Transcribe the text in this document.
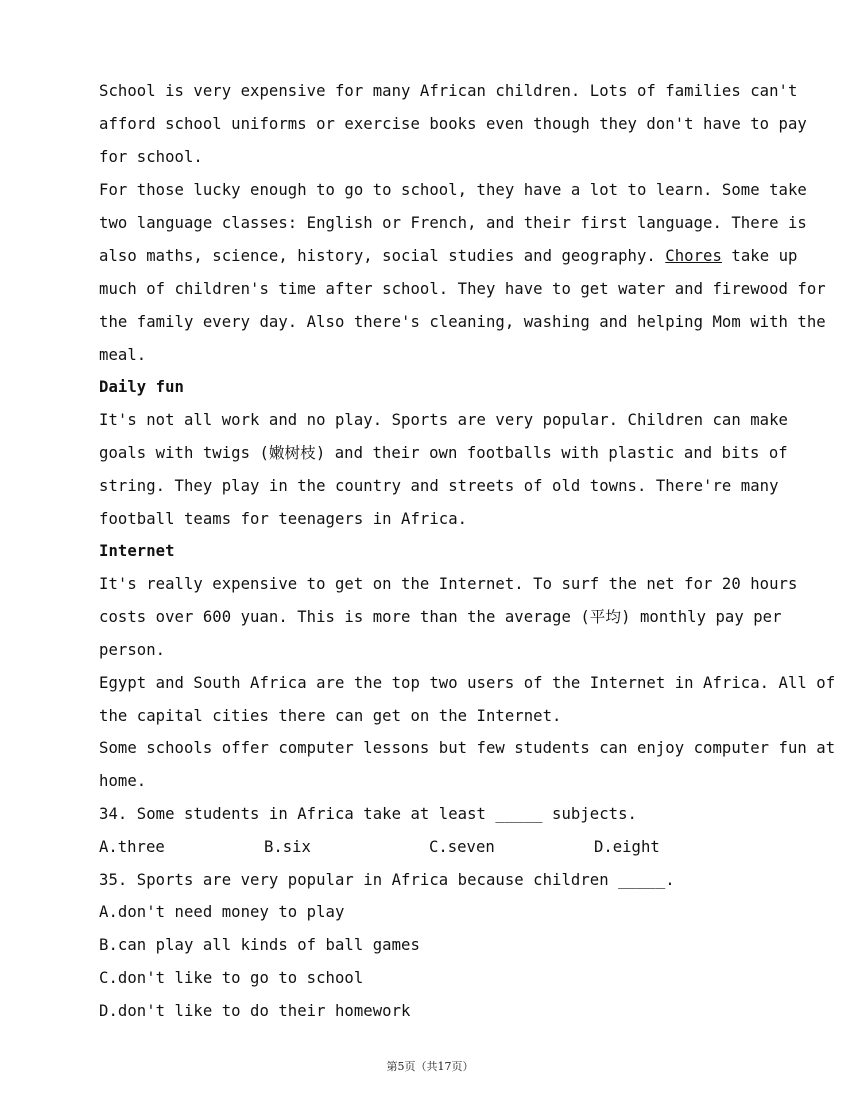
School is very expensive for many African children. Lots of families can't
afford school uniforms or exercise books even though they don't have to pay
for school.
For those lucky enough to go to school, they have a lot to learn. Some take
two language classes: English or French, and their first language. There is
also maths, science, history, social studies and geography. Chores take up
much of children's time after school. They have to get water and firewood for
the family every day. Also there's cleaning, washing and helping Mom with the
meal.
Daily fun
It's not all work and no play. Sports are very popular. Children can make
goals with twigs (嫩树枝) and their own footballs with plastic and bits of
string. They play in the country and streets of old towns. There're many
football teams for teenagers in Africa.
Internet
It's really expensive to get on the Internet. To surf the net for 20 hours
costs over 600 yuan. This is more than the average (平均) monthly pay per
person.
Egypt and South Africa are the top two users of the Internet in Africa. All of
the capital cities there can get on the Internet.
Some schools offer computer lessons but few students can enjoy computer fun at
home.
34. Some students in Africa take at least _____ subjects.
A.three	B.six	C.seven	D.eight
35. Sports are very popular in Africa because children _____.
A.don't need money to play
B.can play all kinds of ball games
C.don't like to go to school
D.don't like to do their homework
第5页（共17页）
